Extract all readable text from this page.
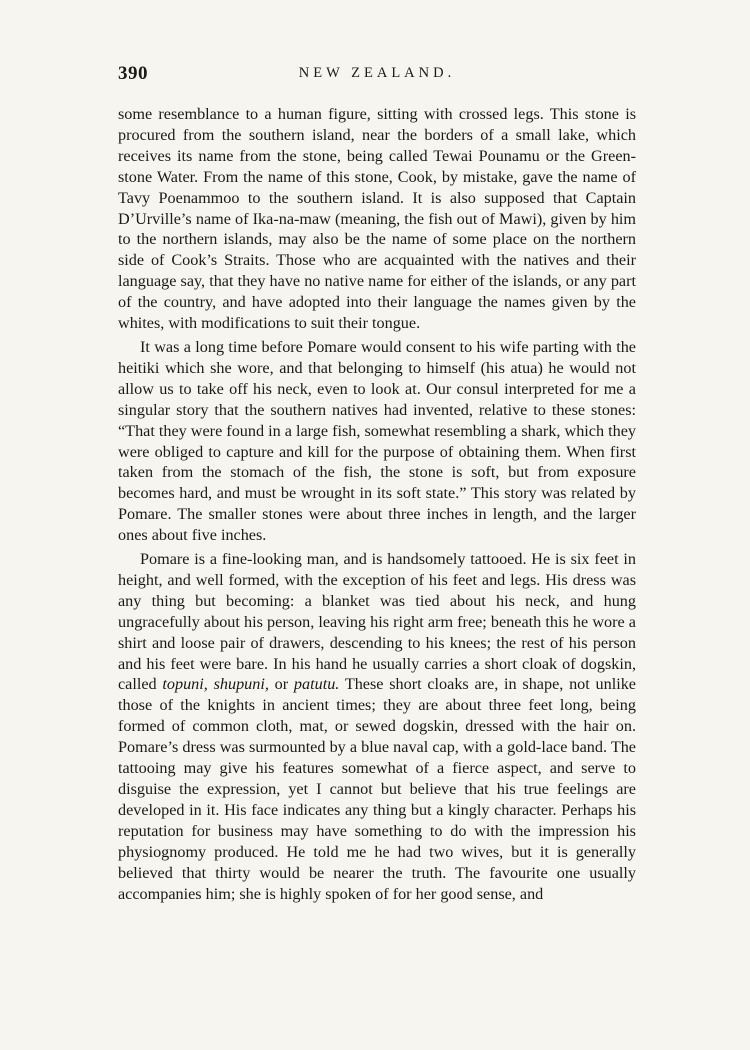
390	NEW ZEALAND.

some resemblance to a human figure, sitting with crossed legs. This stone is procured from the southern island, near the borders of a small lake, which receives its name from the stone, being called Tewai Pounamu or the Green-stone Water. From the name of this stone, Cook, by mistake, gave the name of Tavy Poenammoo to the southern island. It is also supposed that Captain D’Urville’s name of Ika-na-maw (meaning, the fish out of Mawi), given by him to the northern islands, may also be the name of some place on the northern side of Cook’s Straits. Those who are acquainted with the natives and their language say, that they have no native name for either of the islands, or any part of the country, and have adopted into their language the names given by the whites, with modifications to suit their tongue.

It was a long time before Pomare would consent to his wife parting with the heitiki which she wore, and that belonging to himself (his atua) he would not allow us to take off his neck, even to look at. Our consul interpreted for me a singular story that the southern natives had invented, relative to these stones: “That they were found in a large fish, somewhat resembling a shark, which they were obliged to capture and kill for the purpose of obtaining them. When first taken from the stomach of the fish, the stone is soft, but from exposure becomes hard, and must be wrought in its soft state.” This story was related by Pomare. The smaller stones were about three inches in length, and the larger ones about five inches.

Pomare is a fine-looking man, and is handsomely tattooed. He is six feet in height, and well formed, with the exception of his feet and legs. His dress was any thing but becoming: a blanket was tied about his neck, and hung ungracefully about his person, leaving his right arm free; beneath this he wore a shirt and loose pair of drawers, descending to his knees; the rest of his person and his feet were bare. In his hand he usually carries a short cloak of dogskin, called topuni, shupuni, or patutu. These short cloaks are, in shape, not unlike those of the knights in ancient times; they are about three feet long, being formed of common cloth, mat, or sewed dogskin, dressed with the hair on. Pomare’s dress was surmounted by a blue naval cap, with a gold-lace band. The tattooing may give his features somewhat of a fierce aspect, and serve to disguise the expression, yet I cannot but believe that his true feelings are developed in it. His face indicates any thing but a kingly character. Perhaps his reputation for business may have something to do with the impression his physiognomy produced. He told me he had two wives, but it is generally believed that thirty would be nearer the truth. The favourite one usually accompanies him; she is highly spoken of for her good sense, and
